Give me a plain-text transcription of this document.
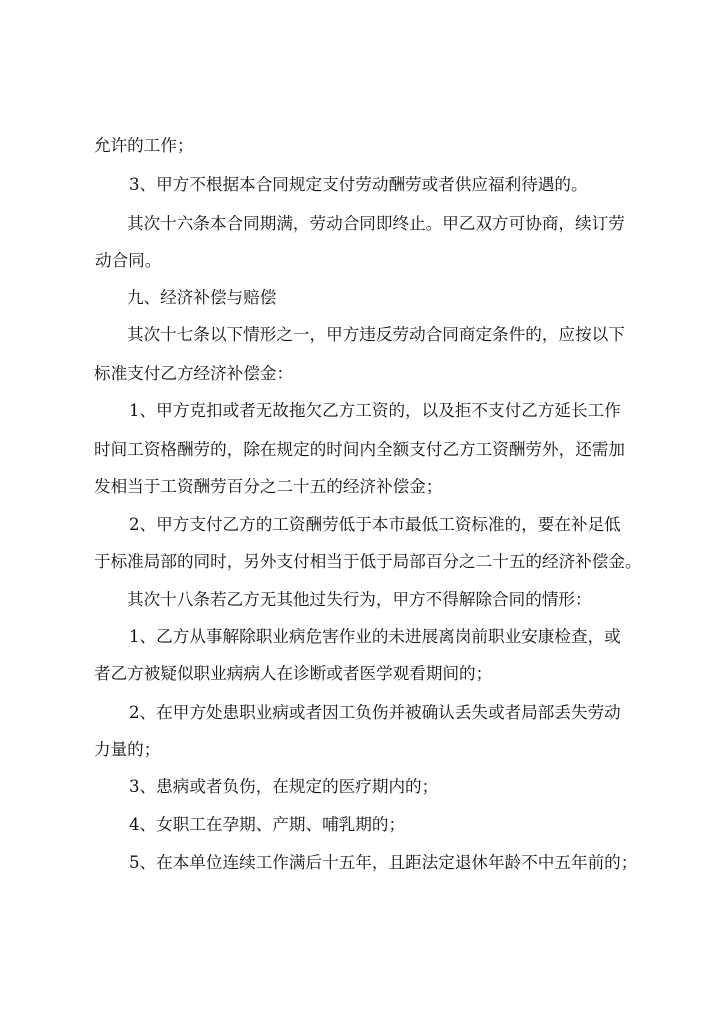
允许的工作；
3、甲方不根据本合同规定支付劳动酬劳或者供应福利待遇的。
其次十六条本合同期满，劳动合同即终止。甲乙双方可协商，续订劳
动合同。
九、经济补偿与赔偿
其次十七条以下情形之一，甲方违反劳动合同商定条件的，应按以下
标准支付乙方经济补偿金：
1、甲方克扣或者无故拖欠乙方工资的，以及拒不支付乙方延长工作
时间工资格酬劳的，除在规定的时间内全额支付乙方工资酬劳外，还需加
发相当于工资酬劳百分之二十五的经济补偿金；
2、甲方支付乙方的工资酬劳低于本市最低工资标准的，要在补足低
于标准局部的同时，另外支付相当于低于局部百分之二十五的经济补偿金。
其次十八条若乙方无其他过失行为，甲方不得解除合同的情形：
1、乙方从事解除职业病危害作业的未进展离岗前职业安康检查，或
者乙方被疑似职业病病人在诊断或者医学观看期间的；
2、在甲方处患职业病或者因工负伤并被确认丢失或者局部丢失劳动
力量的；
3、患病或者负伤，在规定的医疗期内的；
4、女职工在孕期、产期、哺乳期的；
5、在本单位连续工作满后十五年，且距法定退休年龄不中五年前的；
